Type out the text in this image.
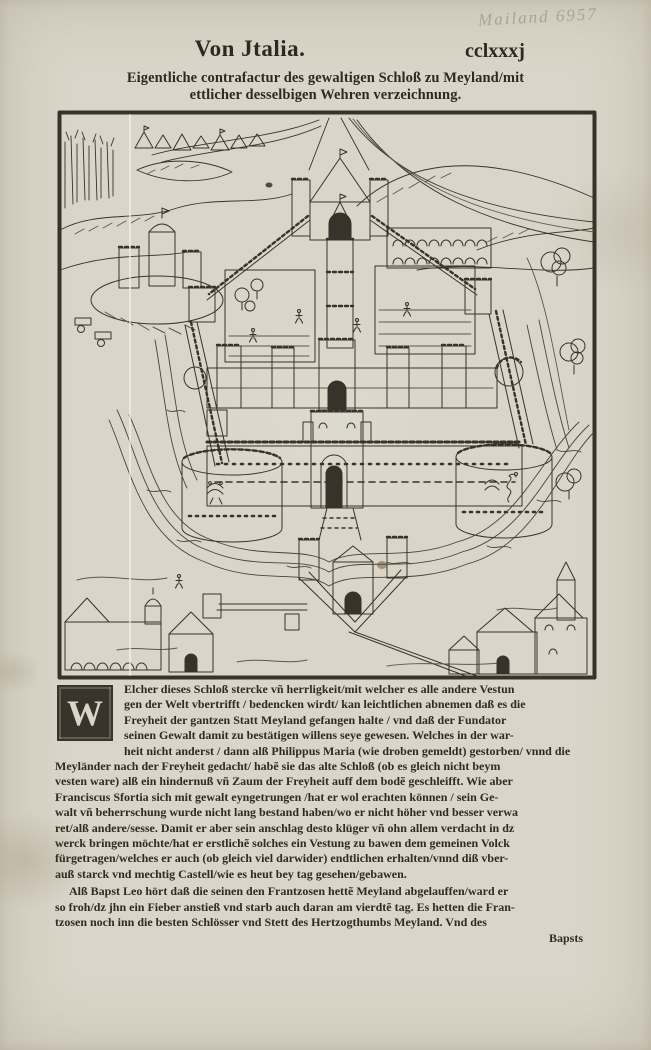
Mailand 6957
Von Jtalia.	cclxxxj
Eigentliche contrafactur des gewaltigen Schloß zu Meyland/mit
ettlicher desselbigen Wehren verzeichnung.
W
Elcher dieses Schloß stercke vñ herrligkeit/mit welcher es alle andere Vestun
gen der Welt vbertrifft / bedencken wirdt/ kan leichtlichen abnemen daß es die
Freyheit der gantzen Statt Meyland gefangen halte / vnd daß der Fundator
seinen Gewalt damit zu bestätigen willens seye gewesen. Welches in der war-
heit nicht anderst / dann alß Philippus Maria (wie droben gemeldt) gestorben/ vnnd die
Meyländer nach der Freyheit gedacht/ habẽ sie das alte Schloß (ob es gleich nicht beym
vesten ware) alß ein hindernuß vñ Zaum der Freyheit auff dem bodẽ geschleifft. Wie aber
Franciscus Sfortia sich mit gewalt eyngetrungen /hat er wol erachten können / sein Ge-
walt vñ beherrschung wurde nicht lang bestand haben/wo er nicht höher vnd besser verwa
ret/alß andere/sesse. Damit er aber sein anschlag desto klüger vñ ohn allem verdacht in dz
werck bringen möchte/hat er erstlichẽ solches ein Vestung zu bawen dem gemeinen Volck
fürgetragen/welches er auch (ob gleich viel darwider) endtlichen erhalten/vnnd diß vber-
auß starck vnd mechtig Castell/wie es heut bey tag gesehen/gebawen.
Alß Bapst Leo hört daß die seinen den Frantzosen hettẽ Meyland abgelauffen/ward er
so froh/dz jhn ein Fieber anstieß vnd starb auch daran am vierdtẽ tag. Es hetten die Fran-
tzosen noch inn die besten Schlösser vnd Stett des Hertzogthumbs Meyland. Vnd des
Bapsts
